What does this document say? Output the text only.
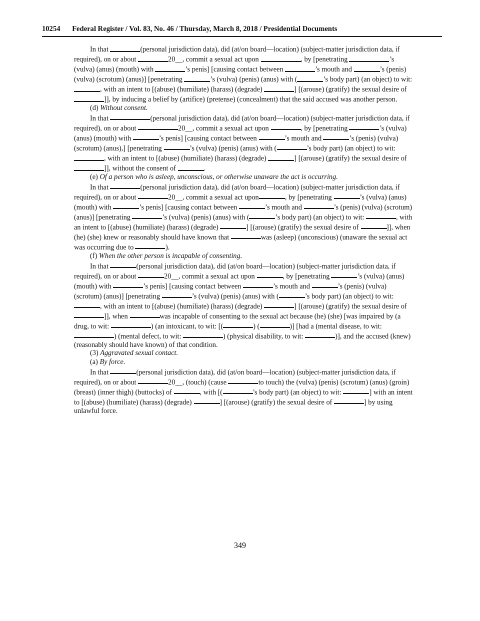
10254 Federal Register / Vol. 83, No. 46 / Thursday, March 8, 2018 / Presidential Documents

In that	(personal jurisdiction data), did (at/on board—location) (subject-matter jurisdiction data, if required), on or about	20__, commit a sexual act upon	, by [penetrating	’s (vulva) (anus) (mouth) with	’s penis] [causing contact between	’s mouth and	’s (penis) (vulva) (scrotum) (anus)] [penetrating	’s (vulva) (penis) (anus) with (	’s body part) (an object) to wit: , with an intent to [(abuse) (humiliate) (harass) (degrade)	] [(arouse) (gratify) the sexual desire of ]], by inducing a belief by (artifice) (pretense) (concealment) that the said accused was another person.

(d) Without consent.

In that	(personal jurisdiction data), did (at/on board—location) (subject-matter jurisdiction data, if required), on or about	20__, commit a sexual act upon	, by [penetrating	’s (vulva) (anus) (mouth) with	’s penis] [causing contact between	’s mouth and	’s (penis) (vulva) (scrotum) (anus),] [penetrating	’s (vulva) (penis) (anus) with (	’s body part) (an object) to wit: , with an intent to [(abuse) (humiliate) (harass) (degrade)	] [(arouse) (gratify) the sexual desire of ]], without the consent of	.

(e) Of a person who is asleep, unconscious, or otherwise unaware the act is occurring.

In that	(personal jurisdiction data), did (at/on board—location) (subject-matter jurisdiction data, if required), on or about	20__, commit a sexual act upon	, by [penetrating	’s (vulva) (anus) (mouth) with	’s penis] [causing contact between	’s mouth and	’s (penis) (vulva) (scrotum) (anus)] [penetrating	’s (vulva) (penis) (anus) with (	’s body part) (an object) to wit:	, with an intent to [(abuse) (humiliate) (harass) (degrade)	] [(arouse) (gratify) the sexual desire of	]], when (he) (she) knew or reasonably should have known that	was (asleep) (unconscious) (unaware the sexual act was occurring due to	).

(f) When the other person is incapable of consenting.

In that	(personal jurisdiction data), did (at/on board—location) (subject-matter jurisdiction data, if required), on or about	20__, commit a sexual act upon	, by [penetrating	’s (vulva) (anus) (mouth) with	’s penis] [causing contact between	’s mouth and	’s (penis) (vulva) (scrotum) (anus)] [penetrating	’s (vulva) (penis) (anus) with (	’s body part) (an object) to wit: , with an intent to [(abuse) (humiliate) (harass) (degrade)	] [(arouse) (gratify) the sexual desire of ]], when	was incapable of consenting to the sexual act because (he) (she) [was impaired by (a drug, to wit:	) (an intoxicant, to wit: [(	) (	)] [had a (mental disease, to wit: ) (mental defect, to wit:	) (physical disability, to wit:	)], and the accused (knew) (reasonably should have known) of that condition.

(3) Aggravated sexual contact.

(a) By force.

In that	(personal jurisdiction data), did (at/on board—location) (subject-matter jurisdiction data, if required), on or about	20__, (touch) (cause	to touch) the (vulva) (penis) (scrotum) (anus) (groin) (breast) (inner thigh) (buttocks) of	, with [(	’s body part) (an object) to wit:	] with an intent to [(abuse) (humiliate) (harass) (degrade)	] [(arouse) (gratify) the sexual desire of	] by using unlawful force.

349
